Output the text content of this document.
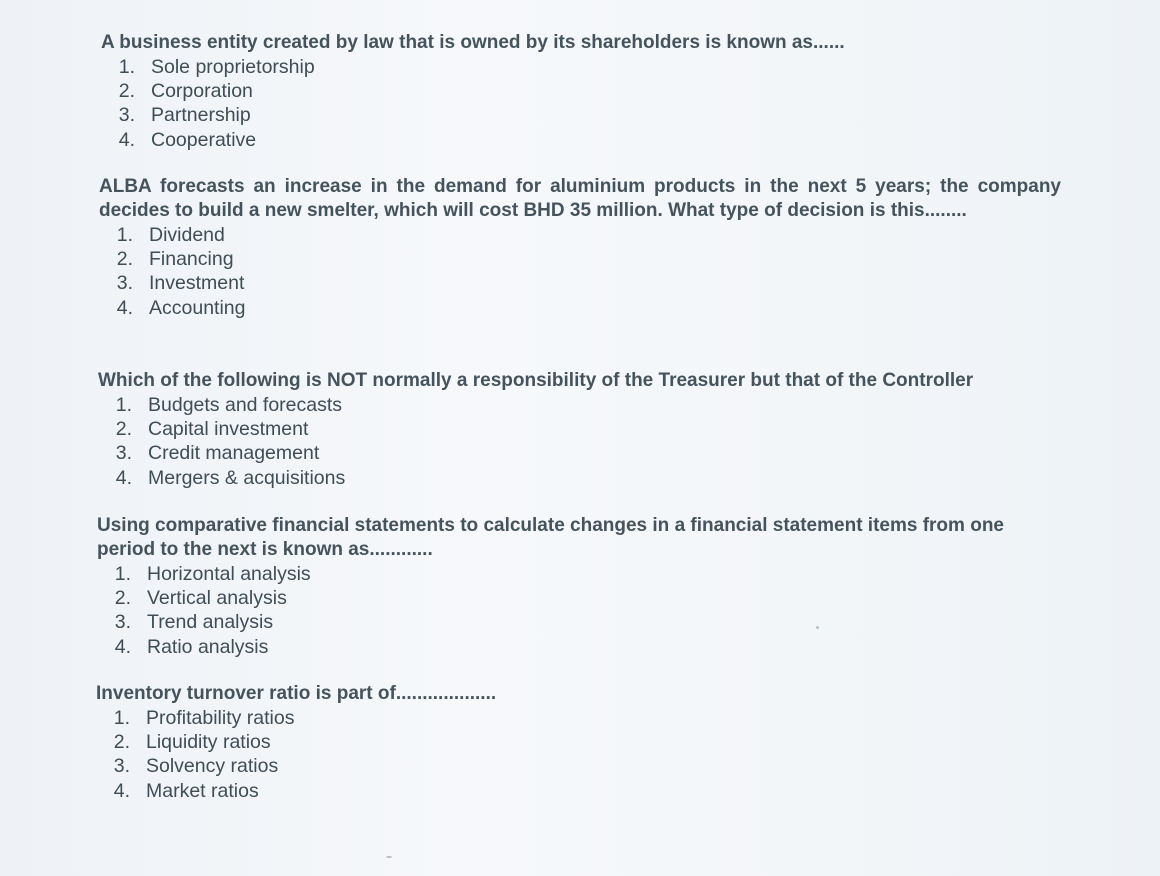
A business entity created by law that is owned by its shareholders is known as......

1. Sole proprietorship
2. Corporation
3. Partnership
4. Cooperative

ALBA forecasts an increase in the demand for aluminium products in the next 5 years; the company decides to build a new smelter, which will cost BHD 35 million. What type of decision is this........

1. Dividend
2. Financing
3. Investment
4. Accounting

Which of the following is NOT normally a responsibility of the Treasurer but that of the Controller

1. Budgets and forecasts
2. Capital investment
3. Credit management
4. Mergers & acquisitions

Using comparative financial statements to calculate changes in a financial statement items from one period to the next is known as............

1. Horizontal analysis
2. Vertical analysis
3. Trend analysis
4. Ratio analysis

Inventory turnover ratio is part of...................

1. Profitability ratios
2. Liquidity ratios
3. Solvency ratios
4. Market ratios
